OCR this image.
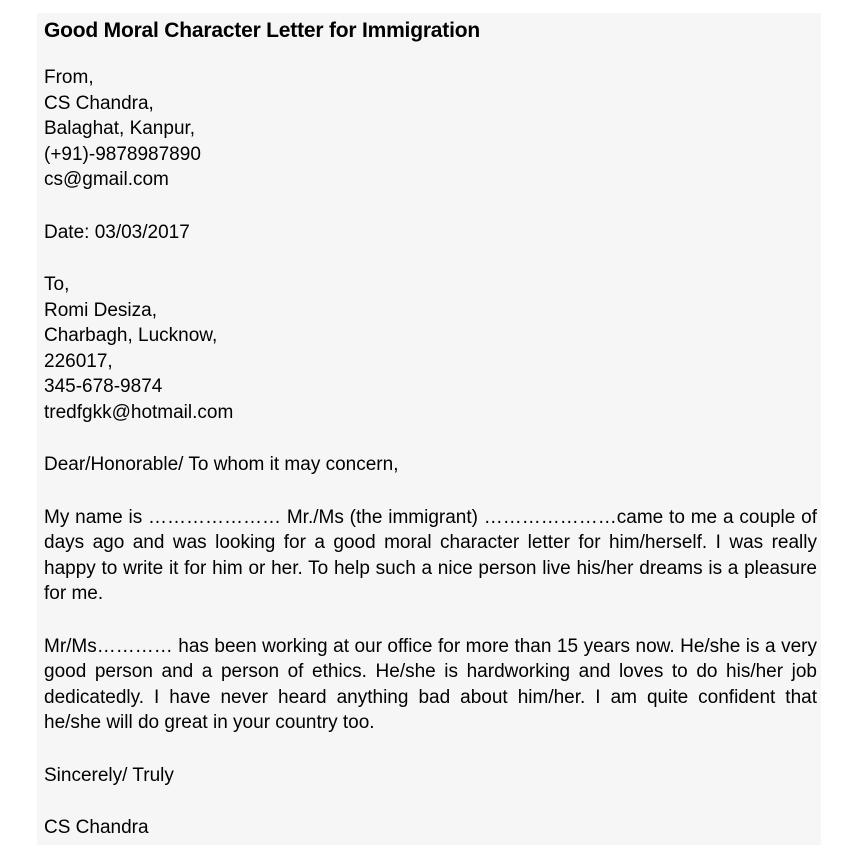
Good Moral Character Letter for Immigration
From,
CS Chandra,
Balaghat, Kanpur,
(+91)-9878987890
cs@gmail.com
Date: 03/03/2017
To,
Romi Desiza,
Charbagh, Lucknow,
226017,
345-678-9874
tredfgkk@hotmail.com
Dear/Honorable/ To whom it may concern,

My name is ………………… Mr./Ms (the immigrant) …………………came to me a couple of days ago and was looking for a good moral character letter for him/herself. I was really happy to write it for him or her. To help such a nice person live his/her dreams is a pleasure for me.

Mr/Ms………… has been working at our office for more than 15 years now. He/she is a very good person and a person of ethics. He/she is hardworking and loves to do his/her job dedicatedly. I have never heard anything bad about him/her. I am quite confident that he/she will do great in your country too.

Sincerely/ Truly
CS Chandra
